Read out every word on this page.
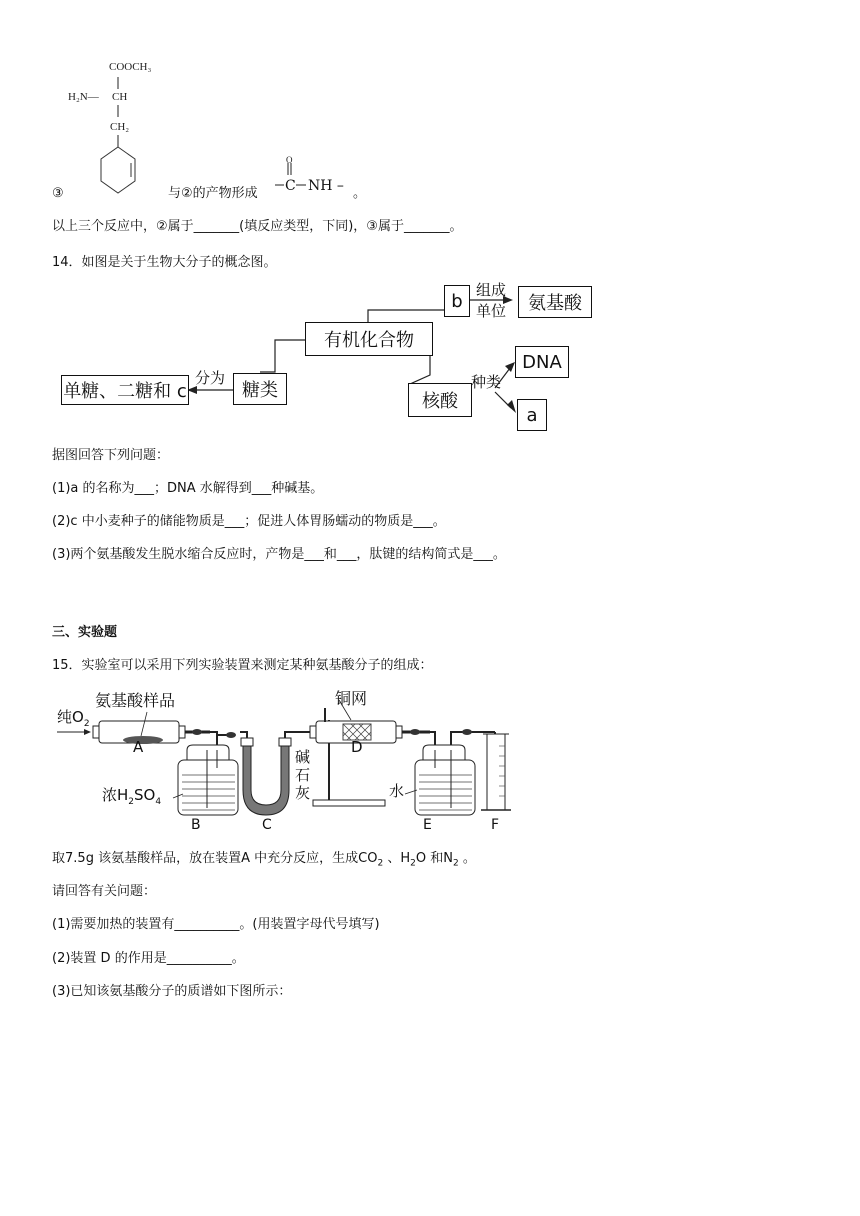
COOCH₃
H₂N— CH
CH₂
③	与②的产物形成
O
C NH – 。
以上三个反应中，②属于_______(填反应类型，下同)，③属于_______。
14．如图是关于生物大分子的概念图。
有机化合物
b
组成
单位	氨基酸
糖类
分为
单糖、二糖和 c	核酸
种类
DNA
a
据图回答下列问题：
(1)a 的名称为___；DNA 水解得到___种碱基。
(2)c 中小麦种子的储能物质是___；促进人体胃肠蠕动的物质是___。
(3)两个氨基酸发生脱水缩合反应时，产物是___和___，肽键的结构简式是___。
三、实验题
15．实验室可以采用下列实验装置来测定某种氨基酸分子的组成：
氨基酸样品
纯$O_2$
A
铜网
D
浓$H_2SO_4$
碱
石
灰	水
B	C	E	F
取7.5g 该氨基酸样品，放在装置A 中充分反应，生成$CO_2$ 、$H_2O$ 和$N_2$ 。
请回答有关问题：
(1)需要加热的装置有__________。(用装置字母代号填写)
(2)装置 D 的作用是__________。
(3)已知该氨基酸分子的质谱如下图所示：
